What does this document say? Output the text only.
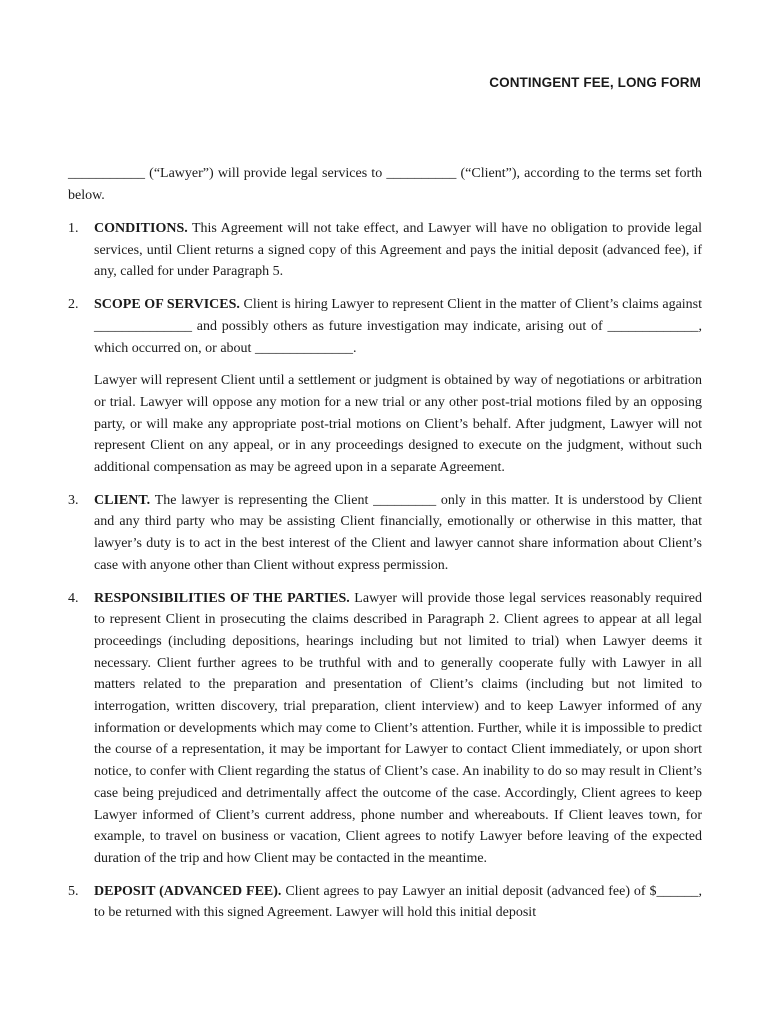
CONTINGENT FEE, LONG FORM

___________ (“Lawyer”) will provide legal services to __________ (“Client”), according to the terms set forth below.

1. CONDITIONS. This Agreement will not take effect, and Lawyer will have no obligation to provide legal services, until Client returns a signed copy of this Agreement and pays the initial deposit (advanced fee), if any, called for under Paragraph 5.

2. SCOPE OF SERVICES. Client is hiring Lawyer to represent Client in the matter of Client’s claims against ______________ and possibly others as future investigation may indicate, arising out of _____________, which occurred on, or about ______________.

Lawyer will represent Client until a settlement or judgment is obtained by way of negotiations or arbitration or trial. Lawyer will oppose any motion for a new trial or any other post-trial motions filed by an opposing party, or will make any appropriate post-trial motions on Client’s behalf. After judgment, Lawyer will not represent Client on any appeal, or in any proceedings designed to execute on the judgment, without such additional compensation as may be agreed upon in a separate Agreement.

3. CLIENT. The lawyer is representing the Client _________ only in this matter. It is understood by Client and any third party who may be assisting Client financially, emotionally or otherwise in this matter, that lawyer’s duty is to act in the best interest of the Client and lawyer cannot share information about Client’s case with anyone other than Client without express permission.

4. RESPONSIBILITIES OF THE PARTIES. Lawyer will provide those legal services reasonably required to represent Client in prosecuting the claims described in Paragraph 2. Client agrees to appear at all legal proceedings (including depositions, hearings including but not limited to trial) when Lawyer deems it necessary. Client further agrees to be truthful with and to generally cooperate fully with Lawyer in all matters related to the preparation and presentation of Client’s claims (including but not limited to interrogation, written discovery, trial preparation, client interview) and to keep Lawyer informed of any information or developments which may come to Client’s attention. Further, while it is impossible to predict the course of a representation, it may be important for Lawyer to contact Client immediately, or upon short notice, to confer with Client regarding the status of Client’s case. An inability to do so may result in Client’s case being prejudiced and detrimentally affect the outcome of the case. Accordingly, Client agrees to keep Lawyer informed of Client’s current address, phone number and whereabouts. If Client leaves town, for example, to travel on business or vacation, Client agrees to notify Lawyer before leaving of the expected duration of the trip and how Client may be contacted in the meantime.

5. DEPOSIT (ADVANCED FEE). Client agrees to pay Lawyer an initial deposit (advanced fee) of $______, to be returned with this signed Agreement. Lawyer will hold this initial deposit
